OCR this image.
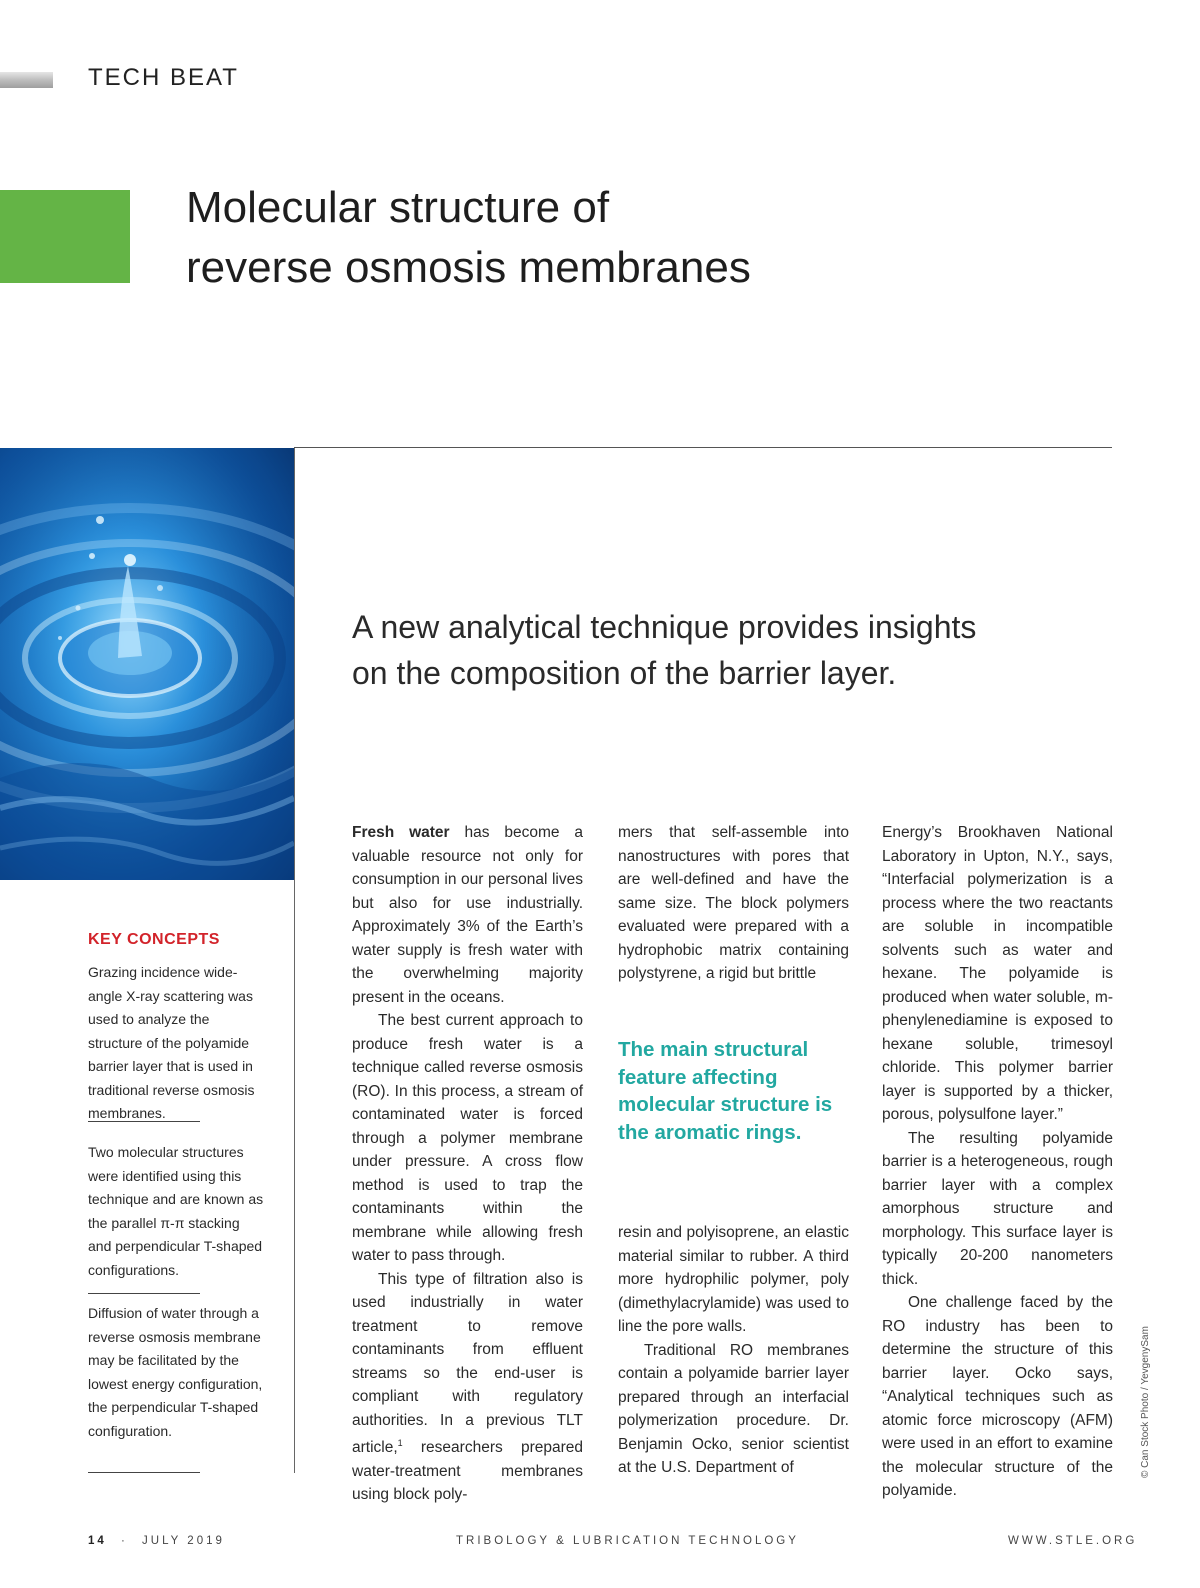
TECH BEAT
Molecular structure of
reverse osmosis membranes
A new analytical technique provides insights
on the composition of the barrier layer.
KEY CONCEPTS
Grazing incidence wide-angle X-ray scattering was used to analyze the structure of the polyamide barrier layer that is used in traditional reverse osmosis membranes.
Two molecular structures were identified using this technique and are known as the parallel π-π stacking and perpendicular T-shaped configurations.
Diffusion of water through a reverse osmosis membrane may be facilitated by the lowest energy configuration, the perpendicular T-shaped configuration.

Fresh water has become a valuable resource not only for consumption in our personal lives but also for use industrially. Approximately 3% of the Earth’s water supply is fresh water with the overwhelming majority present in the oceans.

The best current approach to produce fresh water is a technique called reverse osmosis (RO). In this process, a stream of contaminated water is forced through a polymer membrane under pressure. A cross flow method is used to trap the contaminants within the membrane while allowing fresh water to pass through.

This type of filtration also is used industrially in water treatment to remove contaminants from effluent streams so the end-user is compliant with regulatory authorities. In a previous TLT article,$^1$ researchers prepared water-treatment membranes using block poly-

mers that self-assemble into nanostructures with pores that are well-defined and have the same size. The block polymers evaluated were prepared with a hydrophobic matrix containing polystyrene, a rigid but brittle

The main structural feature affecting molecular structure is the aromatic rings.

resin and polyisoprene, an elastic material similar to rubber. A third more hydrophilic polymer, poly (dimethylacrylamide) was used to line the pore walls.

Traditional RO membranes contain a polyamide barrier layer prepared through an interfacial polymerization procedure. Dr. Benjamin Ocko, senior scientist at the U.S. Department of

Energy’s Brookhaven National Laboratory in Upton, N.Y., says, “Interfacial polymerization is a process where the two reactants are soluble in incompatible solvents such as water and hexane. The polyamide is produced when water soluble, m-phenylenediamine is exposed to hexane soluble, trimesoyl chloride. This polymer barrier layer is supported by a thicker, porous, polysulfone layer.”

The resulting polyamide barrier is a heterogeneous, rough barrier layer with a complex amorphous structure and morphology. This surface layer is typically 20-200 nanometers thick.

One challenge faced by the RO industry has been to determine the structure of this barrier layer. Ocko says, “Analytical techniques such as atomic force microscopy (AFM) were used in an effort to examine the molecular structure of the polyamide.

© Can Stock Photo / YevgenySam
14 · JULY 2019	TRIBOLOGY & LUBRICATION TECHNOLOGY	WWW.STLE.ORG
